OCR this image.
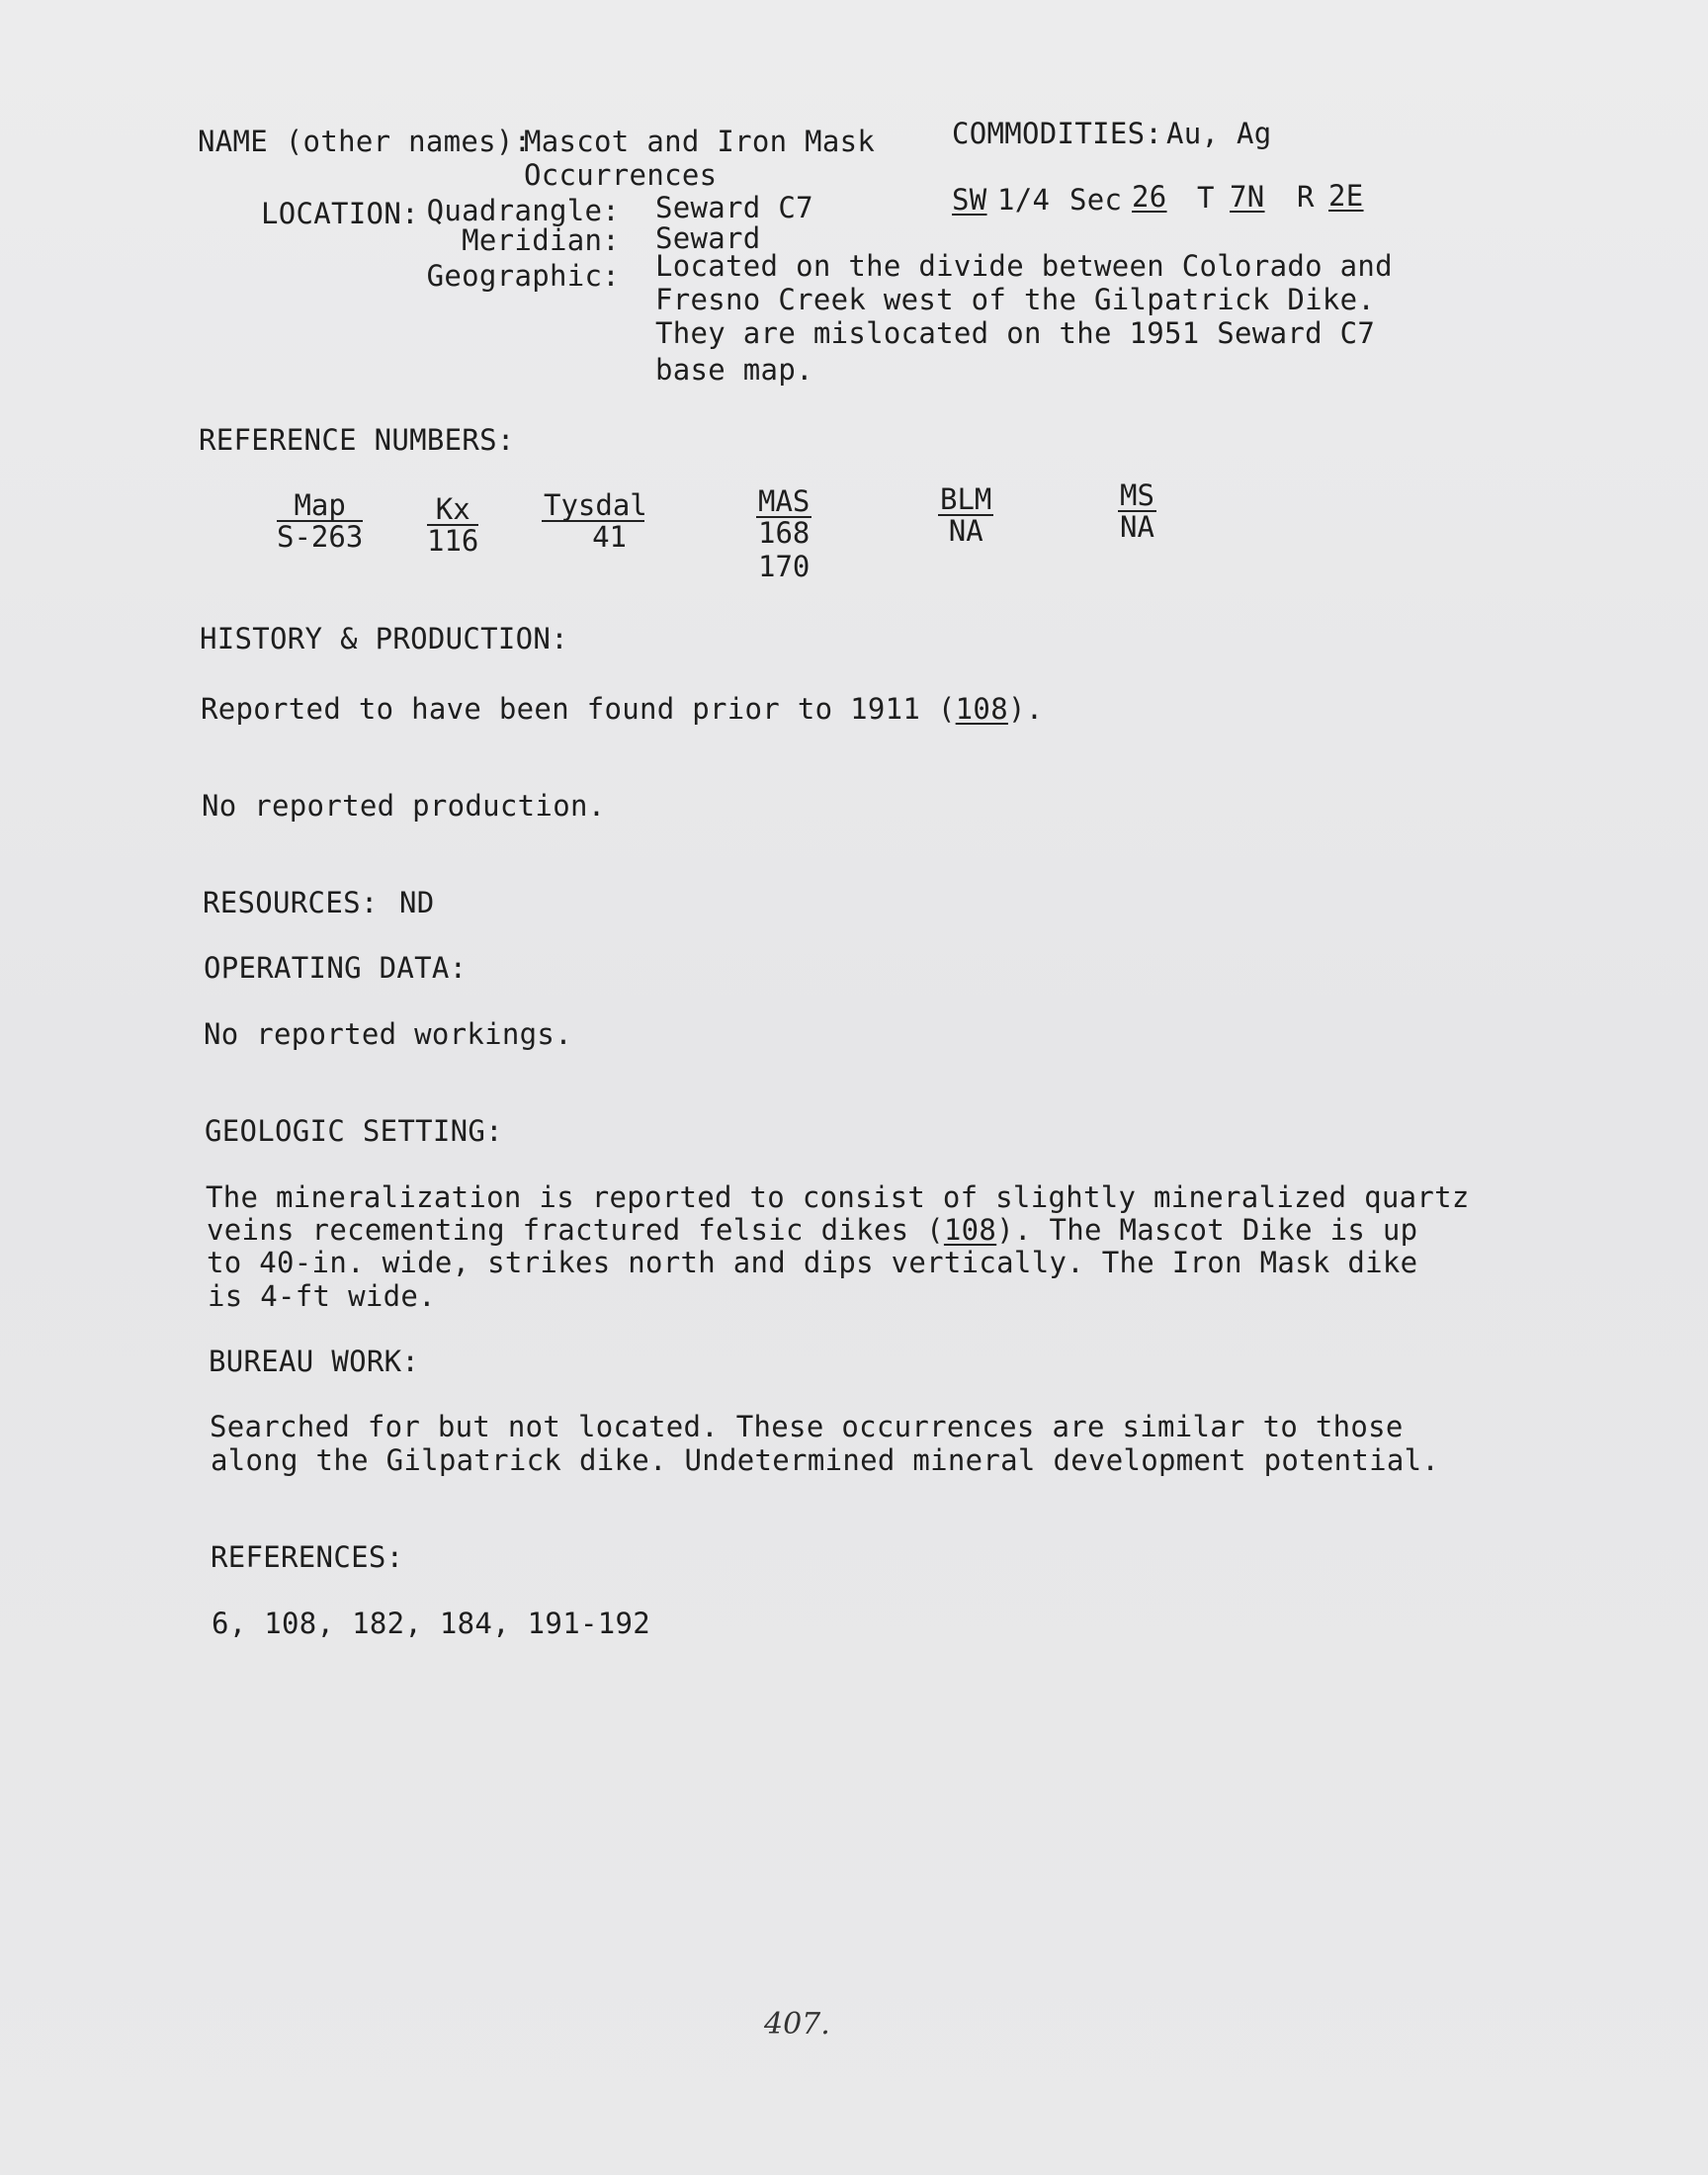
NAME (other names):
Mascot and Iron Mask
Occurrences
COMMODITIES: Au, Ag
LOCATION: Quadrangle: Seward C7
Meridian: Seward
Geographic: Located on the divide between Colorado and
Fresno Creek west of the Gilpatrick Dike.
They are mislocated on the 1951 Seward C7
base map.
SW 1/4 Sec 26 T 7N R 2E
REFERENCE NUMBERS:
Map
S-263
Kx
116
Tysdal
41
MAS
168
170
BLM
NA
MS
NA
HISTORY & PRODUCTION:
Reported to have been found prior to 1911 (108).
No reported production.
RESOURCES: ND
OPERATING DATA:
No reported workings.
GEOLOGIC SETTING:
The mineralization is reported to consist of slightly mineralized quartz
veins recementing fractured felsic dikes (108). The Mascot Dike is up
to 40-in. wide, strikes north and dips vertically. The Iron Mask dike
is 4-ft wide.
BUREAU WORK:
Searched for but not located. These occurrences are similar to those
along the Gilpatrick dike. Undetermined mineral development potential.
REFERENCES:
6, 108, 182, 184, 191-192
407.
